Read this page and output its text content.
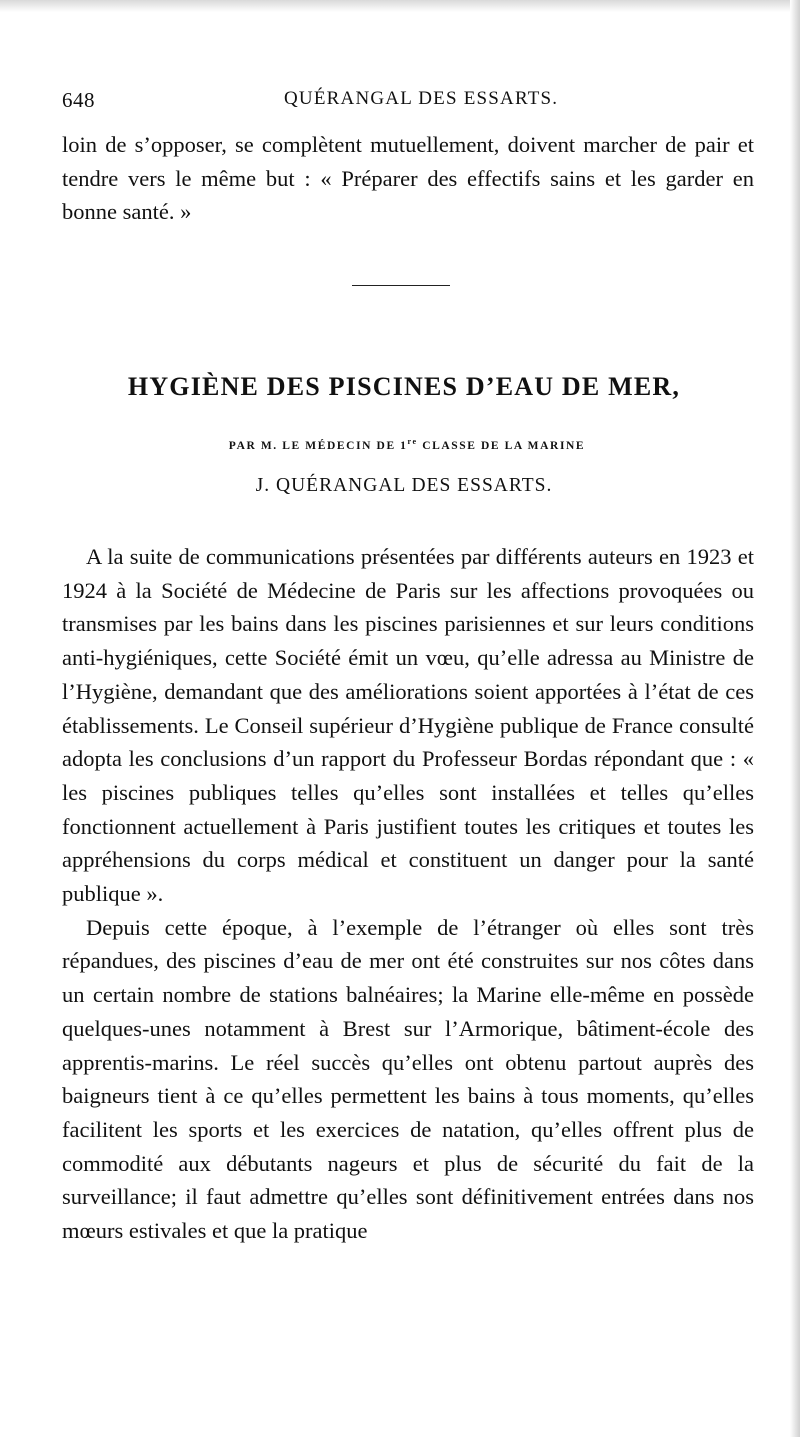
648	QUÉRANGAL DES ESSARTS.

loin de s’opposer, se complètent mutuellement, doivent marcher de pair et tendre vers le même but : « Préparer des effectifs sains et les garder en bonne santé. »

HYGIÈNE DES PISCINES D’EAU DE MER,
PAR M. LE MÉDECIN DE 1re CLASSE DE LA MARINE
J. QUÉRANGAL DES ESSARTS.

A la suite de communications présentées par différents auteurs en 1923 et 1924 à la Société de Médecine de Paris sur les affections provoquées ou transmises par les bains dans les piscines parisiennes et sur leurs conditions anti-hygiéniques, cette Société émit un vœu, qu’elle adressa au Ministre de l’Hygiène, demandant que des améliorations soient apportées à l’état de ces établissements. Le Conseil supérieur d’Hygiène publique de France consulté adopta les conclusions d’un rapport du Professeur Bordas répondant que : « les piscines publiques telles qu’elles sont installées et telles qu’elles fonctionnent actuellement à Paris justifient toutes les critiques et toutes les appréhensions du corps médical et constituent un danger pour la santé publique ».

Depuis cette époque, à l’exemple de l’étranger où elles sont très répandues, des piscines d’eau de mer ont été construites sur nos côtes dans un certain nombre de stations balnéaires; la Marine elle-même en possède quelques-unes notamment à Brest sur l’Armorique, bâtiment-école des apprentis-marins. Le réel succès qu’elles ont obtenu partout auprès des baigneurs tient à ce qu’elles permettent les bains à tous moments, qu’elles facilitent les sports et les exercices de natation, qu’elles offrent plus de commodité aux débutants nageurs et plus de sécurité du fait de la surveillance; il faut admettre qu’elles sont définitivement entrées dans nos mœurs estivales et que la pratique
